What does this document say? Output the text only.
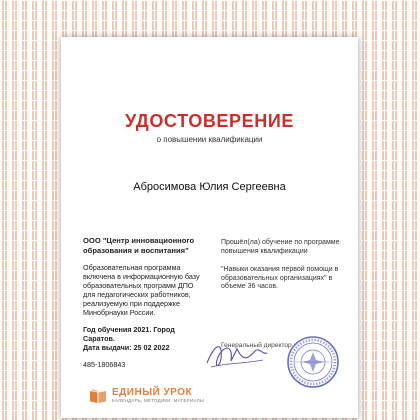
УДОСТОВЕРЕНИЕ
о повышении квалификации
Абросимова Юлия Сергеевна
ООО "Центр инновационного образования и воспитания"
Образовательная программа включена в информационную базу образовательных программ ДПО для педагогических работников, реализуемую при поддержке Минобрнауки России.
Год обучения 2021. Город Саратов.
Дата выдачи: 25 02 2022
485-1806843
Прошёл(ла) обучение по программе повышения квалификации
"Навыки оказания первой помощи в образовательных организациях" в объеме 36 часов.
Генеральный директор
ЕДИНЫЙ УРОК
КАЛЕНДАРЬ, МЕТОДИКИ, МАТЕРИАЛЫ
